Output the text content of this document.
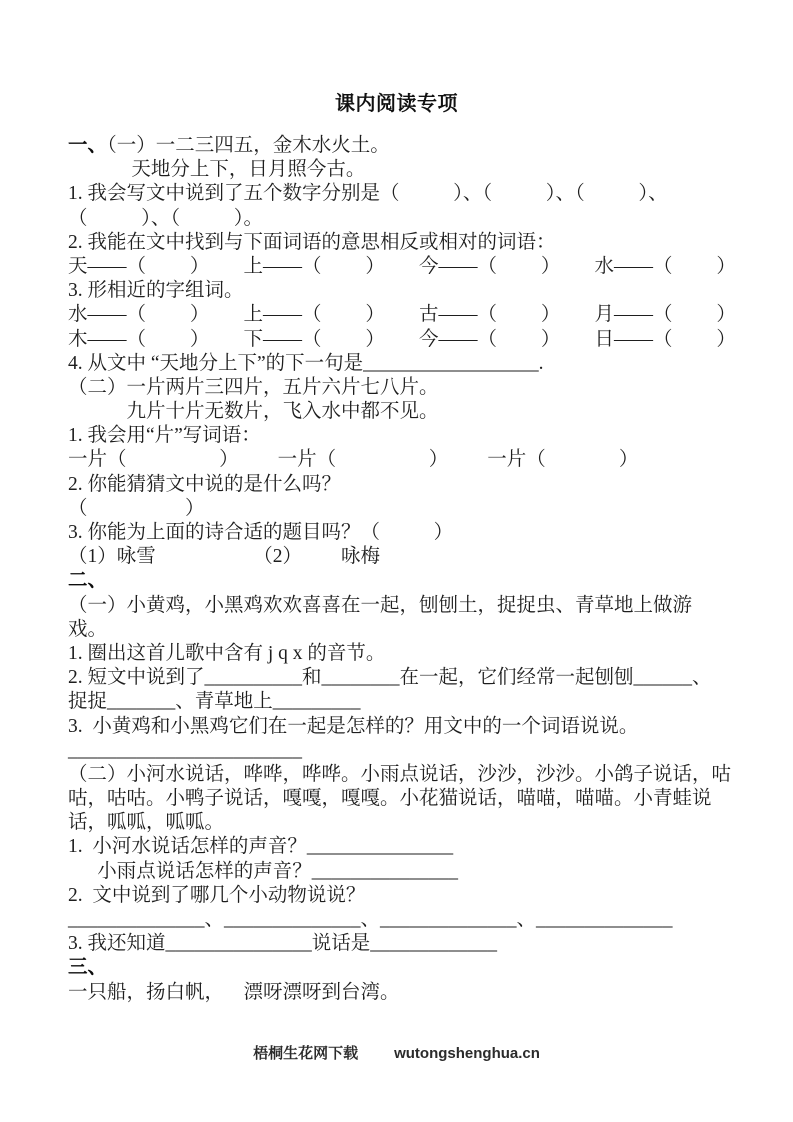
课内阅读专项
一、（一）一二三四五，金木水火土。
天地分上下，日月照今古。
1. 我会写文中说到了五个数字分别是（           ）、（           ）、（           ）、
（           ）、（           ）。
2. 我能在文中找到与下面词语的意思相反或相对的词语：
天——（         ）       上——（         ）       今——（         ）       水——（         ）
3. 形相近的字组词。
水——（         ）       上——（         ）       古——（         ）       月——（         ）
木——（         ）       下——（         ）       今——（         ）       日——（         ）
4. 从文中 “天地分上下”的下一句是__________________.
（二）一片两片三四片，五片六片七八片。
九片十片无数片，飞入水中都不见。
1. 我会用“片”写词语：
一片（                   ）        一片（                   ）        一片（               ）
2. 你能猜猜文中说的是什么吗？
（                    ）
3. 你能为上面的诗合适的题目吗？（           ）
（1）咏雪                    （2）        咏梅
二、
（一）小黄鸡，小黑鸡欢欢喜喜在一起，刨刨土，捉捉虫、青草地上做游
戏。
1. 圈出这首儿歌中含有 j q x 的音节。
2. 短文中说到了__________和________在一起，它们经常一起刨刨______、
捉捉_______、青草地上_________
3.  小黄鸡和小黑鸡它们在一起是怎样的？用文中的一个词语说说。
________________________
（二）小河水说话，哗哗，哗哗。小雨点说话，沙沙，沙沙。小鸽子说话，咕
咕，咕咕。小鸭子说话，嘎嘎，嘎嘎。小花猫说话，喵喵，喵喵。小青蛙说
话，呱呱，呱呱。
1.  小河水说话怎样的声音？_______________
小雨点说话怎样的声音？_______________
2.  文中说到了哪几个小动物说说？
______________、______________、______________、______________
3. 我还知道_______________说话是_____________
三、
一只船，扬白帆，    漂呀漂呀到台湾。
梧桐生花网下载 wutongshenghua.cn
